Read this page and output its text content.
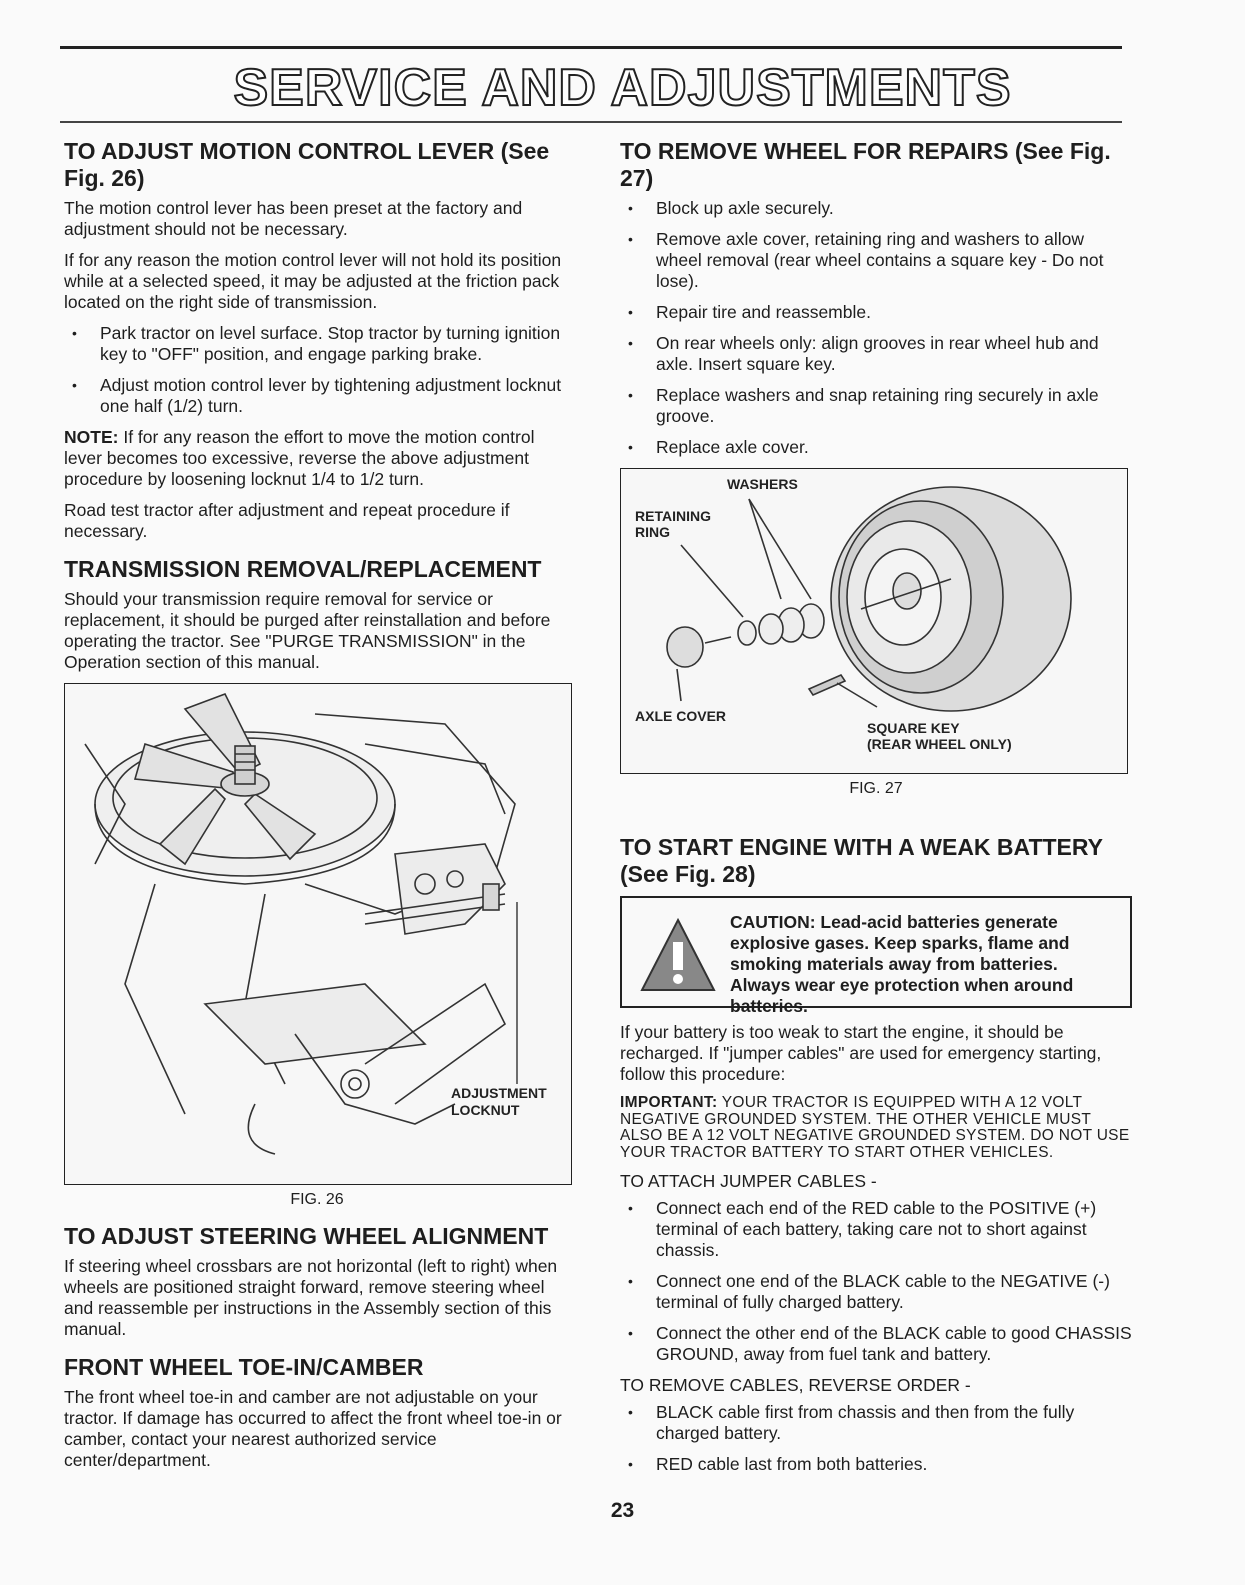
SERVICE AND ADJUSTMENTS
TO ADJUST MOTION CONTROL LEVER (See Fig. 26)

The motion control lever has been preset at the factory and adjustment should not be necessary.

If for any reason the motion control lever will not hold its position while at a selected speed, it may be adjusted at the friction pack located on the right side of transmission.

• Park tractor on level surface. Stop tractor by turning ignition key to "OFF" position, and engage parking brake.
• Adjust motion control lever by tightening adjustment locknut one half (1/2) turn.

NOTE: If for any reason the effort to move the motion control lever becomes too excessive, reverse the above adjustment procedure by loosening locknut 1/4 to 1/2 turn.

Road test tractor after adjustment and repeat procedure if necessary.

TRANSMISSION REMOVAL/REPLACEMENT

Should your transmission require removal for service or replacement, it should be purged after reinstallation and before operating the tractor. See "PURGE TRANSMISSION" in the Operation section of this manual.

ADJUSTMENT
LOCKNUT
FIG. 26
TO ADJUST STEERING WHEEL ALIGNMENT

If steering wheel crossbars are not horizontal (left to right) when wheels are positioned straight forward, remove steering wheel and reassemble per instructions in the Assembly section of this manual.

FRONT WHEEL TOE-IN/CAMBER

The front wheel toe-in and camber are not adjustable on your tractor. If damage has occurred to affect the front wheel toe-in or camber, contact your nearest authorized service center/department.

TO REMOVE WHEEL FOR REPAIRS (See Fig. 27)
• Block up axle securely.
• Remove axle cover, retaining ring and washers to allow wheel removal (rear wheel contains a square key - Do not lose).
• Repair tire and reassemble.
• On rear wheels only: align grooves in rear wheel hub and axle. Insert square key.
• Replace washers and snap retaining ring securely in axle groove.
• Replace axle cover.
WASHERS
RETAINING
RING
AXLE COVER
SQUARE KEY
(REAR WHEEL ONLY)
FIG. 27
TO START ENGINE WITH A WEAK BATTERY (See Fig. 28)
CAUTION: Lead-acid batteries generate explosive gases. Keep sparks, flame and smoking materials away from batteries. Always wear eye protection when around batteries.

If your battery is too weak to start the engine, it should be recharged. If "jumper cables" are used for emergency starting, follow this procedure:

IMPORTANT: YOUR TRACTOR IS EQUIPPED WITH A 12 VOLT NEGATIVE GROUNDED SYSTEM. THE OTHER VEHICLE MUST ALSO BE A 12 VOLT NEGATIVE GROUNDED SYSTEM. DO NOT USE YOUR TRACTOR BATTERY TO START OTHER VEHICLES.

TO ATTACH JUMPER CABLES -

• Connect each end of the RED cable to the POSITIVE (+) terminal of each battery, taking care not to short against chassis.
• Connect one end of the BLACK cable to the NEGATIVE (-) terminal of fully charged battery.
• Connect the other end of the BLACK cable to good CHASSIS GROUND, away from fuel tank and battery.

TO REMOVE CABLES, REVERSE ORDER -

• BLACK cable first from chassis and then from the fully charged battery.
• RED cable last from both batteries.
23
